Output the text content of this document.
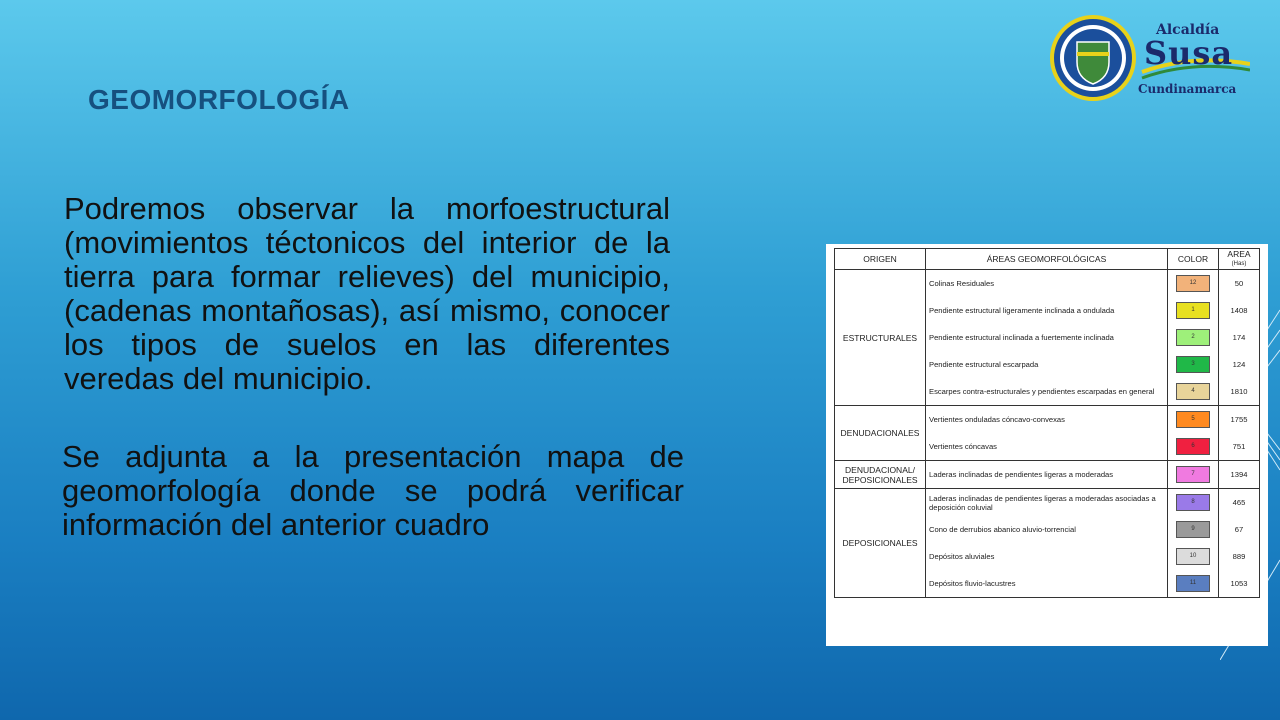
GEOMORFOLOGÍA
Podremos observar la morfoestructural (movimientos téctonicos del interior de la tierra para formar relieves) del municipio, (cadenas montañosas), así mismo, conocer los tipos de suelos en las diferentes veredas del municipio.
Se adjunta a la presentación mapa de geomorfología donde se podrá verificar información del anterior cuadro
Alcaldía
Susa
Cundinamarca
ORIGEN	ÁREAS GEOMORFOLÓGICAS	COLOR	AREA
(Has)
ESTRUCTURALES	Colinas Residuales	12	50
	Pendiente estructural ligeramente inclinada a ondulada	1	1408
	Pendiente estructural inclinada a fuertemente inclinada	2	174
	Pendiente estructural escarpada	3	124
	Escarpes contra-estructurales y pendientes escarpadas en general	4	1810
DENUDACIONALES	Vertientes onduladas cóncavo-convexas	5	1755
	Vertientes cóncavas	6	751
DENUDACIONAL/ DEPOSICIONALES	Laderas inclinadas de pendientes ligeras a moderadas	7	1394
DEPOSICIONALES	Laderas inclinadas de pendientes ligeras a moderadas asociadas a deposición coluvial	8	465
	Cono de derrubios abanico aluvio-torrencial	9	67
	Depósitos aluviales	10	889
	Depósitos fluvio-lacustres	11	1053
